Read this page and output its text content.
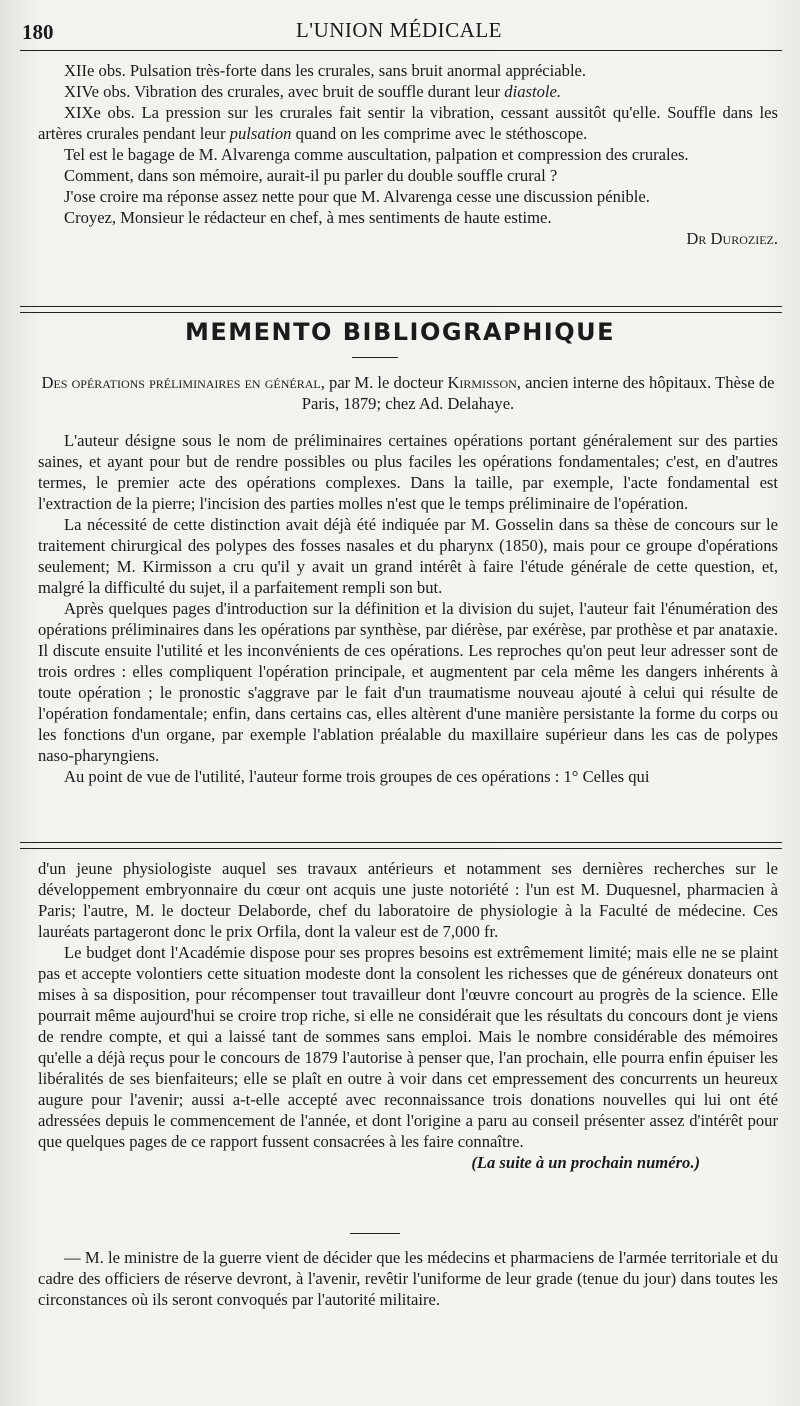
180	L'UNION MÉDICALE

XIIe obs. Pulsation très-forte dans les crurales, sans bruit anormal appréciable.

XIVe obs. Vibration des crurales, avec bruit de souffle durant leur diastole.

XIXe obs. La pression sur les crurales fait sentir la vibration, cessant aussitôt qu'elle. Souffle dans les artères crurales pendant leur pulsation quand on les comprime avec le stéthoscope.

Tel est le bagage de M. Alvarenga comme auscultation, palpation et compression des crurales.

Comment, dans son mémoire, aurait-il pu parler du double souffle crural ?

J'ose croire ma réponse assez nette pour que M. Alvarenga cesse une discussion pénible.

Croyez, Monsieur le rédacteur en chef, à mes sentiments de haute estime.

Dr Duroziez.

MEMENTO BIBLIOGRAPHIQUE
Des opérations préliminaires en général, par M. le docteur Kirmisson, ancien interne des hôpitaux. Thèse de Paris, 1879; chez Ad. Delahaye.

L'auteur désigne sous le nom de préliminaires certaines opérations portant généralement sur des parties saines, et ayant pour but de rendre possibles ou plus faciles les opérations fondamentales; c'est, en d'autres termes, le premier acte des opérations complexes. Dans la taille, par exemple, l'acte fondamental est l'extraction de la pierre; l'incision des parties molles n'est que le temps préliminaire de l'opération.

La nécessité de cette distinction avait déjà été indiquée par M. Gosselin dans sa thèse de concours sur le traitement chirurgical des polypes des fosses nasales et du pharynx (1850), mais pour ce groupe d'opérations seulement; M. Kirmisson a cru qu'il y avait un grand intérêt à faire l'étude générale de cette question, et, malgré la difficulté du sujet, il a parfaitement rempli son but.

Après quelques pages d'introduction sur la définition et la division du sujet, l'auteur fait l'énumération des opérations préliminaires dans les opérations par synthèse, par diérèse, par exérèse, par prothèse et par anataxie. Il discute ensuite l'utilité et les inconvénients de ces opérations. Les reproches qu'on peut leur adresser sont de trois ordres : elles compliquent l'opération principale, et augmentent par cela même les dangers inhérents à toute opération ; le pronostic s'aggrave par le fait d'un traumatisme nouveau ajouté à celui qui résulte de l'opération fondamentale; enfin, dans certains cas, elles altèrent d'une manière persistante la forme du corps ou les fonctions d'un organe, par exemple l'ablation préalable du maxillaire supérieur dans les cas de polypes naso-pharyngiens.

Au point de vue de l'utilité, l'auteur forme trois groupes de ces opérations : 1° Celles qui

d'un jeune physiologiste auquel ses travaux antérieurs et notamment ses dernières recherches sur le développement embryonnaire du cœur ont acquis une juste notoriété : l'un est M. Duquesnel, pharmacien à Paris; l'autre, M. le docteur Delaborde, chef du laboratoire de physiologie à la Faculté de médecine. Ces lauréats partageront donc le prix Orfila, dont la valeur est de 7,000 fr.

Le budget dont l'Académie dispose pour ses propres besoins est extrêmement limité; mais elle ne se plaint pas et accepte volontiers cette situation modeste dont la consolent les richesses que de généreux donateurs ont mises à sa disposition, pour récompenser tout travailleur dont l'œuvre concourt au progrès de la science. Elle pourrait même aujourd'hui se croire trop riche, si elle ne considérait que les résultats du concours dont je viens de rendre compte, et qui a laissé tant de sommes sans emploi. Mais le nombre considérable des mémoires qu'elle a déjà reçus pour le concours de 1879 l'autorise à penser que, l'an prochain, elle pourra enfin épuiser les libéralités de ses bienfaiteurs; elle se plaît en outre à voir dans cet empressement des concurrents un heureux augure pour l'avenir; aussi a-t-elle accepté avec reconnaissance trois donations nouvelles qui lui ont été adressées depuis le commencement de l'année, et dont l'origine a paru au conseil présenter assez d'intérêt pour que quelques pages de ce rapport fussent consacrées à les faire connaître.

(La suite à un prochain numéro.)

— M. le ministre de la guerre vient de décider que les médecins et pharmaciens de l'armée territoriale et du cadre des officiers de réserve devront, à l'avenir, revêtir l'uniforme de leur grade (tenue du jour) dans toutes les circonstances où ils seront convoqués par l'autorité militaire.
